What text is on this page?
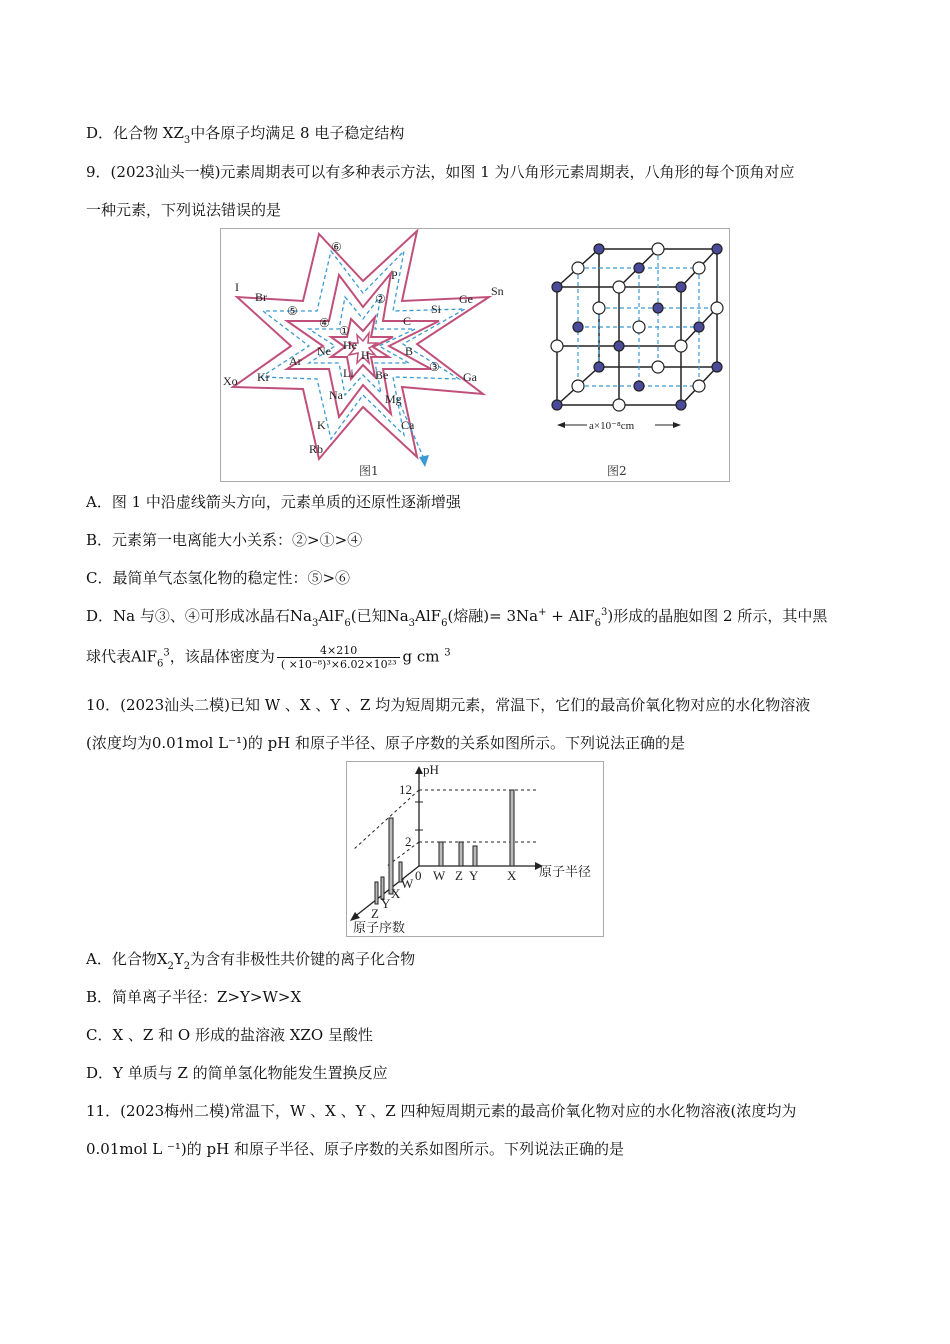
D．化合物 $XZ_3$中各原子均满足 8 电子稳定结构
9．(2023汕头一模)元素周期表可以有多种表示方法，如图 1 为八角形元素周期表，八角形的每个顶角对应
一种元素，下列说法错误的是
I
Br
Xo Kr
Ar
Ne He
H
Li Be
B
C
P
Si
Ge
Sn
Ga
Na	Mg
K	Ca
Rb
①
②
③
④
⑤
⑥
图1
a×10⁻⁸cm
图2
A．图 1 中沿虚线箭头方向，元素单质的还原性逐渐增强
B．元素第一电离能大小关系：②>①>④
C．最简单气态氢化物的稳定性：⑤>⑥
D．Na 与③、④可形成冰晶石$Na_3AlF_6$(已知$Na_3AlF_6$(熔融)= 3Na+ + AlF$_6^3$)形成的晶胞如图 2 所示，其中黑
球代表AlF$_6^3$，该晶体密度为 $\frac{4\times 210}{\text{( ×10⁻⁸)³×6.02×10²³}}$ g cm $^3$
10．(2023汕头二模)已知 W 、X 、Y 、Z 均为短周期元素，常温下，它们的最高价氧化物对应的水化物溶液
(浓度均为0.01mol L⁻¹)的 pH 和原子半径、原子序数的关系如图所示。下列说法正确的是
pH
12
2
0 W Z Y X 原子半径
W
X
Y
Z
原子序数
A．化合物$X_2Y_2$为含有非极性共价键的离子化合物
B．简单离子半径：Z>Y>W>X
C．X 、Z 和 O 形成的盐溶液 XZO 呈酸性
D．Y 单质与 Z 的简单氢化物能发生置换反应
11．(2023梅州二模)常温下，W 、X 、Y 、Z 四种短周期元素的最高价氧化物对应的水化物溶液(浓度均为
0.01mol L ⁻¹)的 pH 和原子半径、原子序数的关系如图所示。下列说法正确的是
